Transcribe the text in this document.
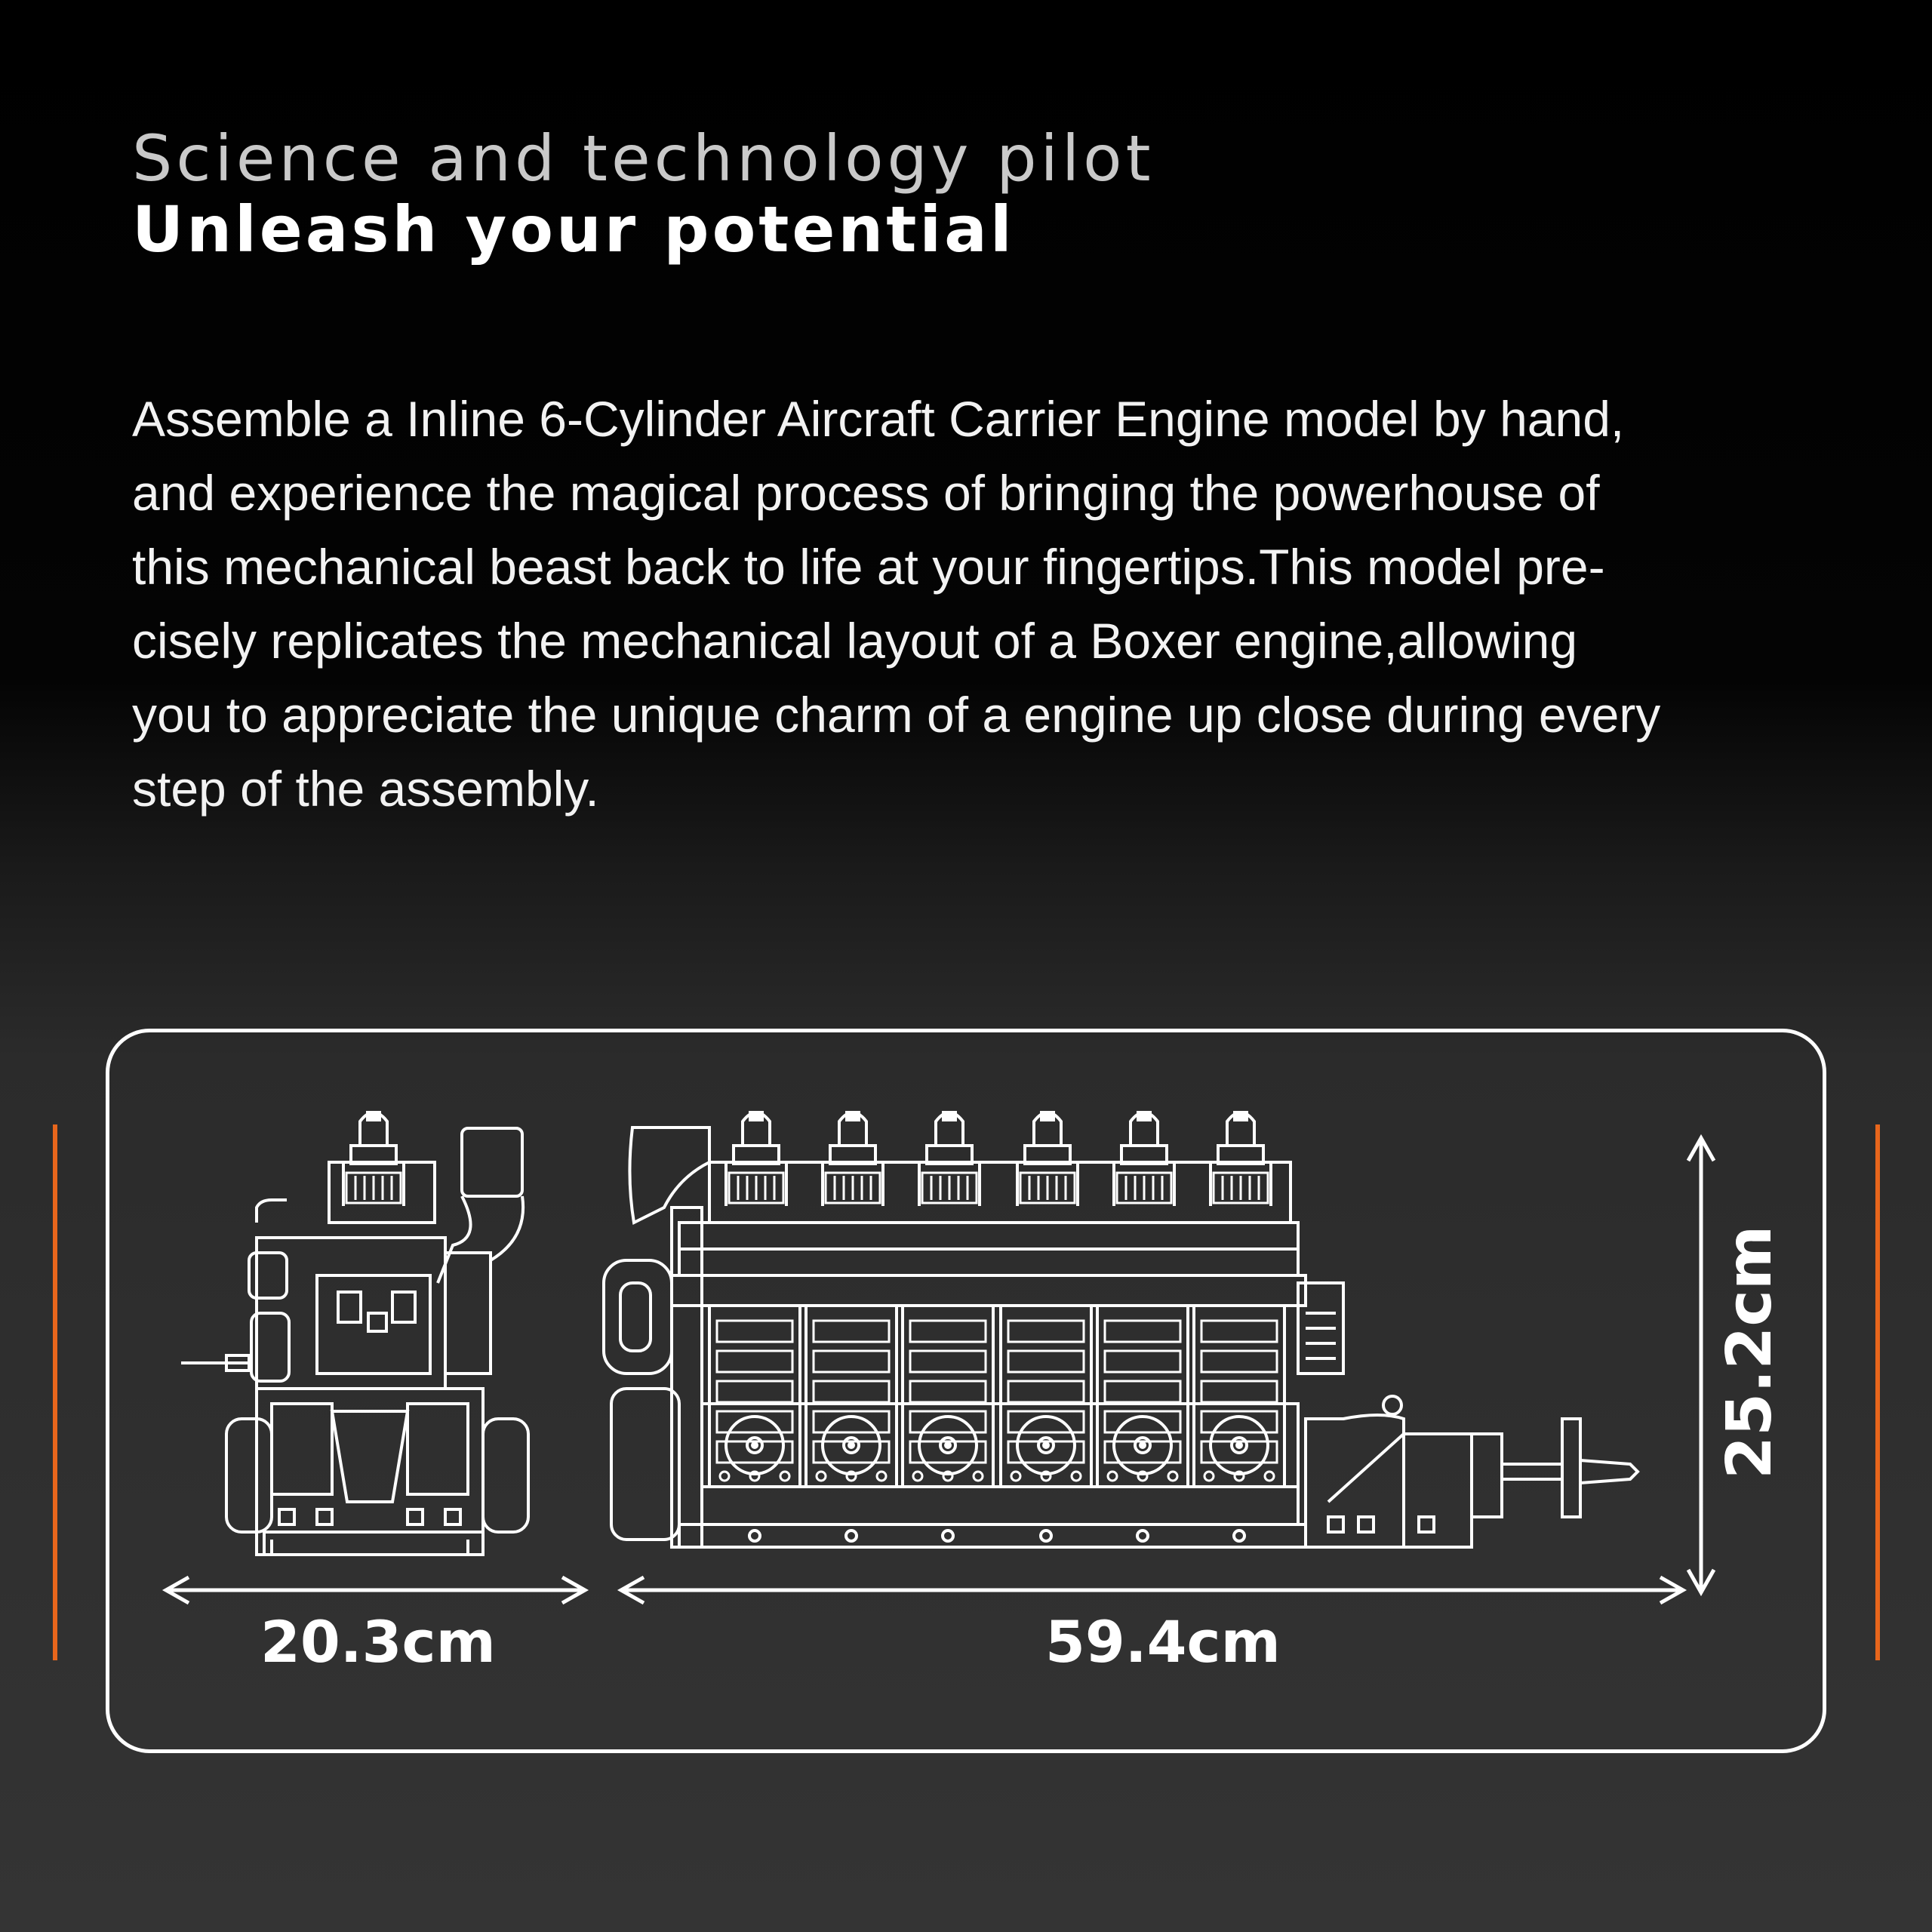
Science and technology pilot
Unleash your potential

Assemble a Inline 6-Cylinder Aircraft Carrier Engine model by hand,
and experience the magical process of bringing the powerhouse of
this mechanical beast back to life at your fingertips.This model pre-
cisely replicates the mechanical layout of a Boxer engine,allowing
you to appreciate the unique charm of a engine up close during every
step of the assembly.

20.3cm	59.4cm
25.2cm
